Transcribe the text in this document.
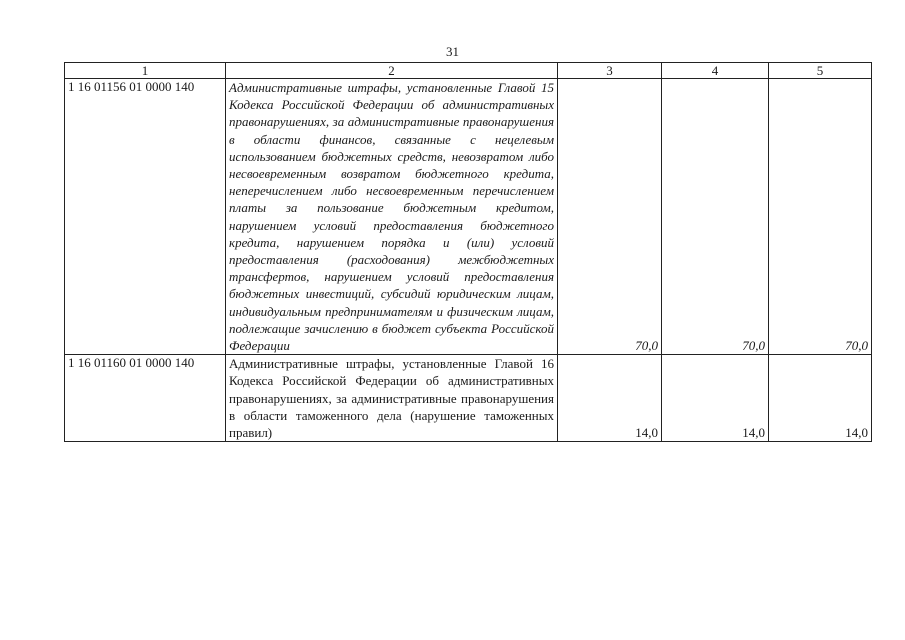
31
1	2	3	4	5
1 16 01156 01 0000 140	Административные штрафы, установленные Главой 15 Кодекса Российской Федерации об административных правонарушениях, за административные правонарушения в области финансов, связанные с нецелевым использованием бюджетных средств, невозвратом либо несвоевременным возвратом бюджетного кредита, неперечислением либо несвоевременным перечислением платы за пользование бюджетным кредитом, нарушением условий предоставления бюджетного кредита, нарушением порядка и (или) условий предоставления (расходования) межбюджетных трансфертов, нарушением условий предоставления бюджетных инвестиций, субсидий юридическим лицам, индивидуальным предпринимателям и физическим лицам, подлежащие зачислению в бюджет субъекта Российской Федерации	70,0	70,0	70,0
1 16 01160 01 0000 140	Административные штрафы, установленные Главой 16 Кодекса Российской Федерации об административных правонарушениях, за административные правонарушения в области таможенного дела (нарушение таможенных правил)	14,0	14,0	14,0
